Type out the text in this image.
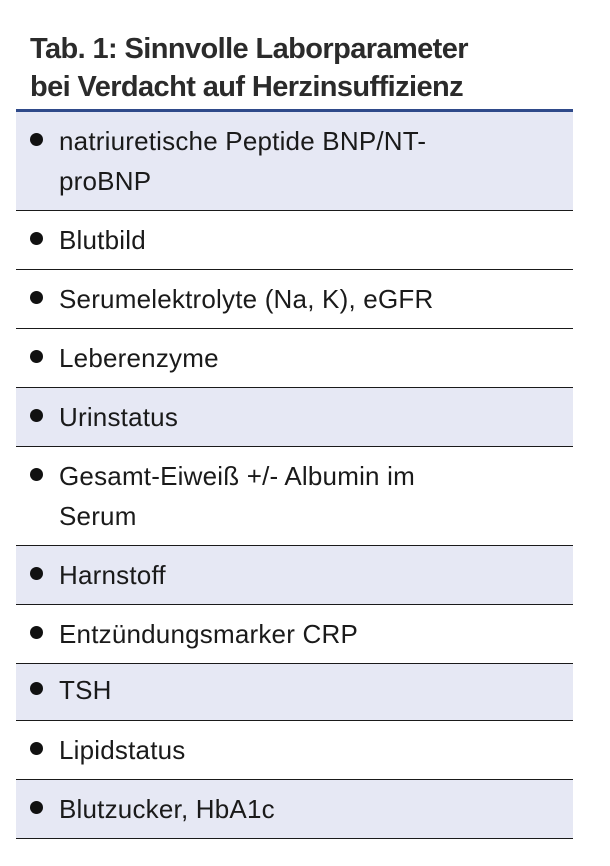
Tab. 1: Sinnvolle Laborparameter
bei Verdacht auf Herzinsuffizienz
natriuretische Peptide BNP/NT-
proBNP
Blutbild
Serumelektrolyte (Na, K), eGFR
Leberenzyme
Urinstatus
Gesamt-Eiweiß +/- Albumin im
Serum
Harnstoff
Entzündungsmarker CRP
TSH
Lipidstatus
Blutzucker, HbA1c
